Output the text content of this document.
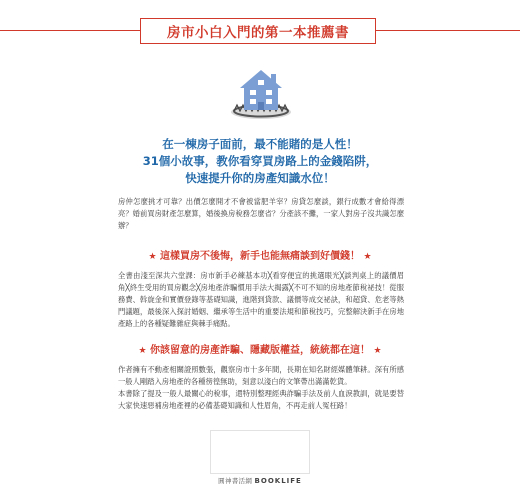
房市小白入門的第一本推薦書
在一棟房子面前，最不能賭的是人性！
31個小故事，教你看穿買房路上的金錢陷阱，
快速提升你的房產知識水位！

房仲怎麼挑才可靠？出價怎麼開才不會被當肥羊宰？房貸怎麼談，銀行成數才會給得漂亮？婚前買房財產怎麼算，婚後換房稅務怎麼省？分產該不攤，一家人對房子沒共識怎麼辦？

★ 這樣買房不後悔，新手也能無痛談到好價錢！ ★

全書由淺至深共六堂課：房市新手必練基本功╳看穿便宜的挑選眼光╳談判桌上的議價眉角╳終生受用的買房觀念╳房地產詐騙慣用手法大揭露╳不可不知的房地產節稅祕技！從服務費、斡旋金和實價登錄等基礎知識，進階到貸款、議價等成交祕訣，和超貸、危老等熱門議題，最後深入探討婚姻、繼承等生活中的重要法規和節稅技巧，完整解決新手在房地產路上的各種疑難雜症與棘手痛點。

★ 你該留意的房產詐騙、隱藏版權益，統統都在這！ ★

作者擁有不動產相關證照數張，觀察房市十多年間，長期在知名財經媒體筆耕。深有所感一般人剛踏入房地產的各種徬徨無助，刻意以淺白的文筆帶出滿滿乾貨。

本書除了提及一般人最關心的稅事，還特別整理經典詐騙手法及前人血淚教訓，就是要替大家快速惡補房地產裡的必備基礎知識和人性眉角，不再走前人冤枉路！

圓神書活網 BOOKLIFE
